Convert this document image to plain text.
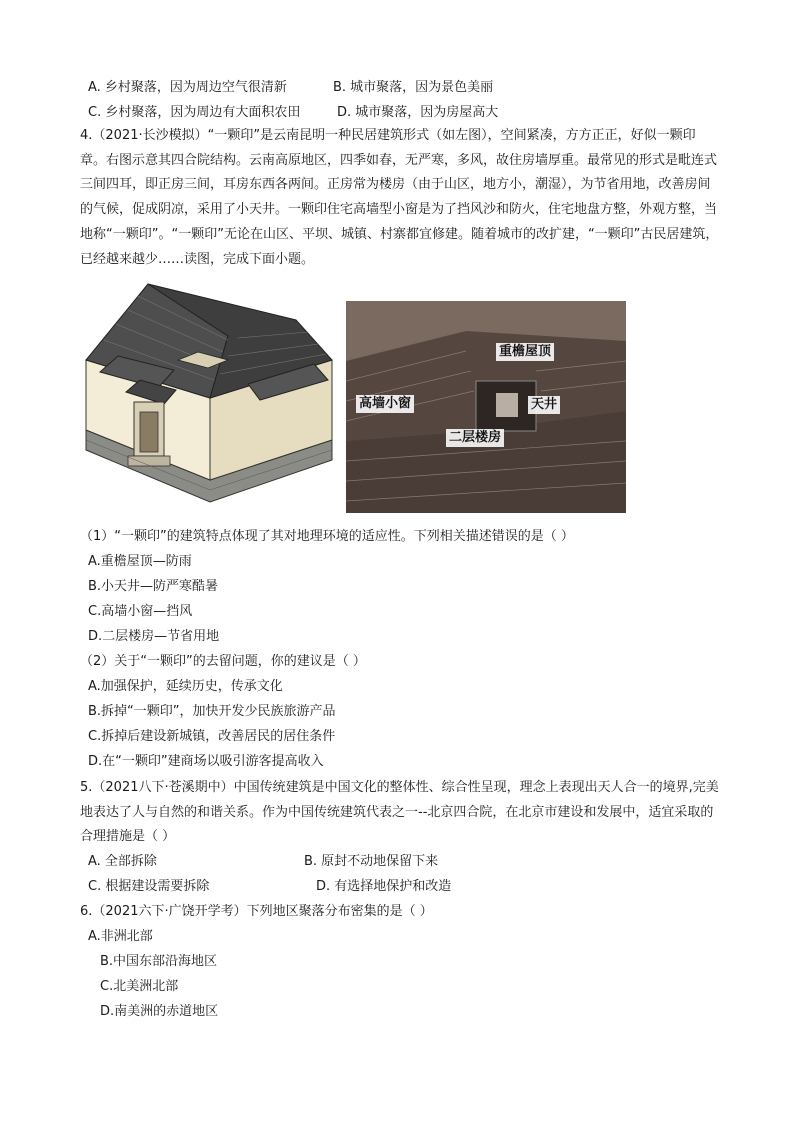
A. 乡村聚落，因为周边空气很清新	B. 城市聚落，因为景色美丽
C. 乡村聚落，因为周边有大面积农田	D. 城市聚落，因为房屋高大
4.（2021·长沙模拟）“一颗印”是云南昆明一种民居建筑形式（如左图），空间紧凑，方方正正，好似一颗印章。右图示意其四合院结构。云南高原地区，四季如春，无严寒，多风，故住房墙厚重。最常见的形式是毗连式三间四耳，即正房三间，耳房东西各两间。正房常为楼房（由于山区，地方小，潮湿），为节省用地，改善房间的气候，促成阴凉，采用了小天井。一颗印住宅高墙型小窗是为了挡风沙和防火，住宅地盘方整，外观方整，当地称“一颗印”。“一颗印”无论在山区、平坝、城镇、村寨都宜修建。随着城市的改扩建，“一颗印”古民居建筑，已经越来越少……读图，完成下面小题。
重檐屋顶
高墙小窗	天井
二层楼房
（1）“一颗印”的建筑特点体现了其对地理环境的适应性。下列相关描述错误的是（ ）
A.重檐屋顶—防雨
B.小天井—防严寒酷暑
C.高墙小窗—挡风
D.二层楼房—节省用地
（2）关于“一颗印”的去留问题，你的建议是（ ）
A.加强保护，延续历史，传承文化
B.拆掉“一颗印”，加快开发少民族旅游产品
C.拆掉后建设新城镇，改善居民的居住条件
D.在“一颗印”建商场以吸引游客提高收入
5.（2021八下·苍溪期中）中国传统建筑是中国文化的整体性、综合性呈现，理念上表现出天人合一的境界,完美地表达了人与自然的和谐关系。作为中国传统建筑代表之一--北京四合院，在北京市建设和发展中，适宜采取的合理措施是（ ）
A. 全部拆除	B. 原封不动地保留下来
C. 根据建设需要拆除	D. 有选择地保护和改造
6.（2021六下·广饶开学考）下列地区聚落分布密集的是（ ）
A.非洲北部
B.中国东部沿海地区
C.北美洲北部
D.南美洲的赤道地区
